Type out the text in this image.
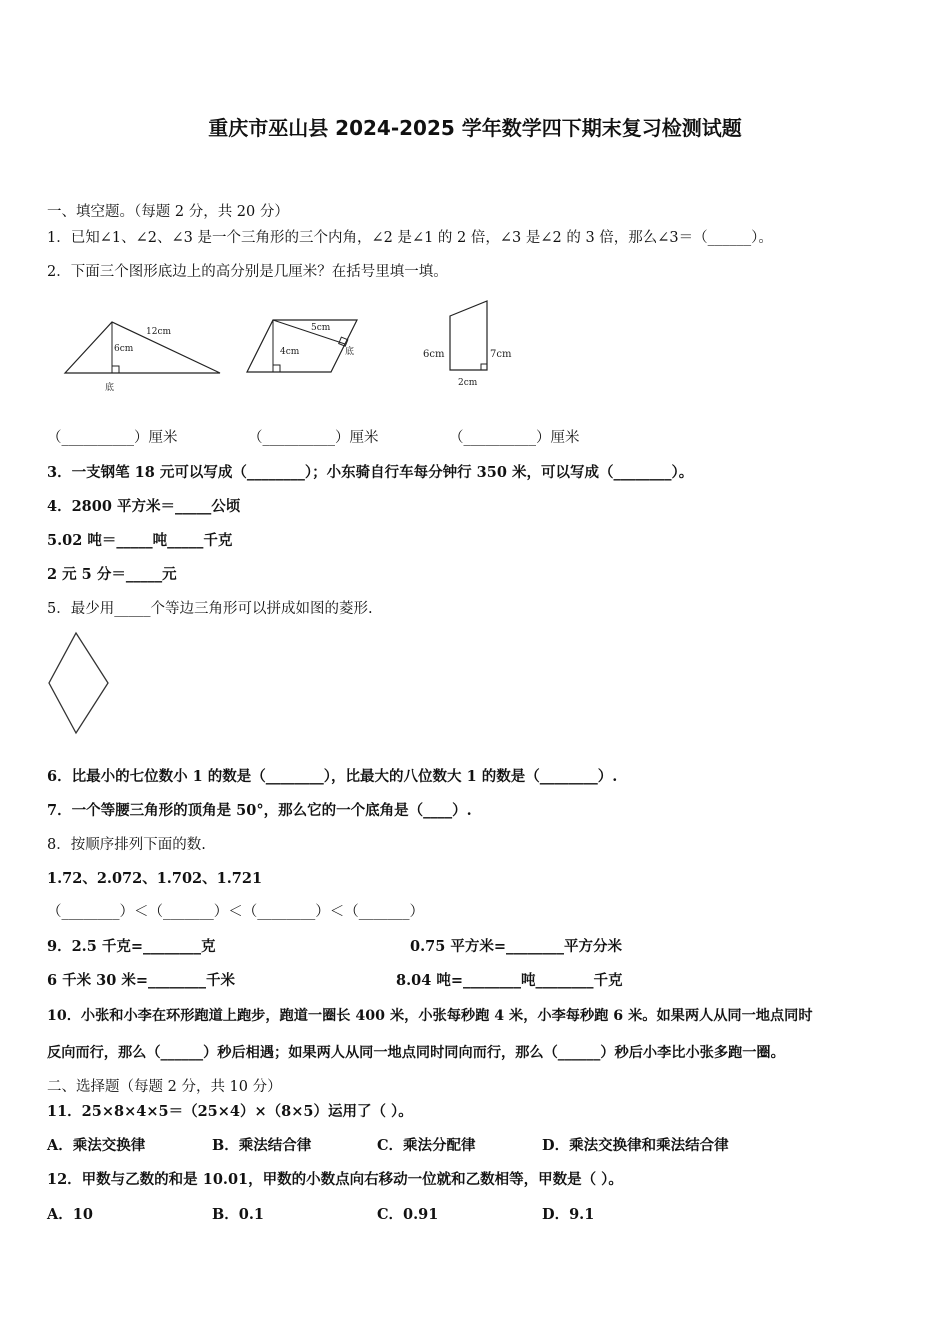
重庆市巫山县 2024-2025 学年数学四下期末复习检测试题
一、填空题。（每题 2 分，共 20 分）
1．已知∠1、∠2、∠3 是一个三角形的三个内角，∠2 是∠1 的 2 倍，∠3 是∠2 的 3 倍，那么∠3＝（______）。
2．下面三个图形底边上的高分别是几厘米？在括号里填一填。
12cm
6cm
底
5cm
4cm	底	6cm	7cm
2cm
（__________）厘米	（__________）厘米	（__________）厘米
3．一支钢笔 18 元可以写成（________）；小东骑自行车每分钟行 350 米，可以写成（________）。
4．2800 平方米＝_____公顷
5.02 吨＝_____吨_____千克
2 元 5 分＝_____元
5．最少用_____个等边三角形可以拼成如图的菱形.
6．比最小的七位数小 1 的数是（________），比最大的八位数大 1 的数是（________）.
7．一个等腰三角形的顶角是 50°，那么它的一个底角是（____）.
8．按顺序排列下面的数.
1.72、2.072、1.702、1.721
（________）＜（_______）＜（________）＜（_______）
9．2.5 千克=________克	0.75 平方米=________平方分米
6 千米 30 米=________千米	8.04 吨=________吨________千克
10．小张和小李在环形跑道上跑步，跑道一圈长 400 米，小张每秒跑 4 米，小李每秒跑 6 米。如果两人从同一地点同时
反向而行，那么（______）秒后相遇；如果两人从同一地点同时同向而行，那么（______）秒后小李比小张多跑一圈。
二、选择题（每题 2 分，共 10 分）
11．25×8×4×5＝（25×4）×（8×5）运用了（ ）。
A．乘法交换律	B．乘法结合律	C．乘法分配律	D．乘法交换律和乘法结合律
12．甲数与乙数的和是 10.01，甲数的小数点向右移动一位就和乙数相等，甲数是（ ）。
A．10	B．0.1	C．0.91	D．9.1
